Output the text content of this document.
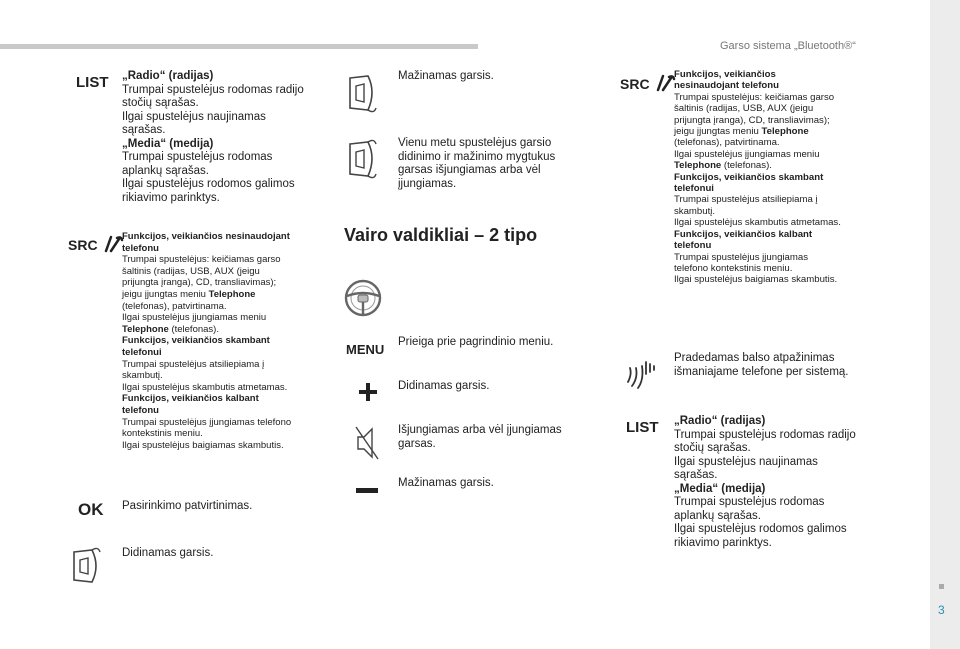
Garso sistema „Bluetooth®“
3
LIST „Radio“ (radijas)
Trumpai spustelėjus rodomas radijo
stočių sąrašas.
Ilgai spustelėjus naujinamas
sąrašas.
„Media“ (medija)
Trumpai spustelėjus rodomas
aplankų sąrašas.
Ilgai spustelėjus rodomos galimos
rikiavimo parinktys.
SRC
Funkcijos, veikiančios nesinaudojant
telefonu
Trumpai spustelėjus: keičiamas garso
šaltinis (radijas, USB, AUX (jeigu
prijungta įranga), CD, transliavimas);
jeigu įjungtas meniu Telephone
(telefonas), patvirtinama.
Ilgai spustelėjus įjungiamas meniu
Telephone (telefonas).
Funkcijos, veikiančios skambant
telefonui
Trumpai spustelėjus atsiliepiama į
skambutį.
Ilgai spustelėjus skambutis atmetamas.
Funkcijos, veikiančios kalbant
telefonu
Trumpai spustelėjus įjungiamas telefono
kontekstinis meniu.
Ilgai spustelėjus baigiamas skambutis.
OK Pasirinkimo patvirtinimas.
Didinamas garsis.
Mažinamas garsis.
Vienu metu spustelėjus garsio
didinimo ir mažinimo mygtukus
garsas išjungiamas arba vėl
įjungiamas.
Vairo valdikliai – 2 tipo
MENU Prieiga prie pagrindinio meniu.
Didinamas garsis.
Išjungiamas arba vėl įjungiamas
garsas.
Mažinamas garsis.
SRC
Funkcijos, veikiančios
nesinaudojant telefonu
Trumpai spustelėjus: keičiamas garso
šaltinis (radijas, USB, AUX (jeigu
prijungta įranga), CD, transliavimas);
jeigu įjungtas meniu Telephone
(telefonas), patvirtinama.
Ilgai spustelėjus įjungiamas meniu
Telephone (telefonas).
Funkcijos, veikiančios skambant
telefonui
Trumpai spustelėjus atsiliepiama į
skambutį.
Ilgai spustelėjus skambutis atmetamas.
Funkcijos, veikiančios kalbant
telefonu
Trumpai spustelėjus įjungiamas
telefono kontekstinis meniu.
Ilgai spustelėjus baigiamas skambutis.
Pradedamas balso atpažinimas
išmaniajame telefone per sistemą.
LIST „Radio“ (radijas)
Trumpai spustelėjus rodomas radijo
stočių sąrašas.
Ilgai spustelėjus naujinamas
sąrašas.
„Media“ (medija)
Trumpai spustelėjus rodomas
aplankų sąrašas.
Ilgai spustelėjus rodomos galimos
rikiavimo parinktys.
